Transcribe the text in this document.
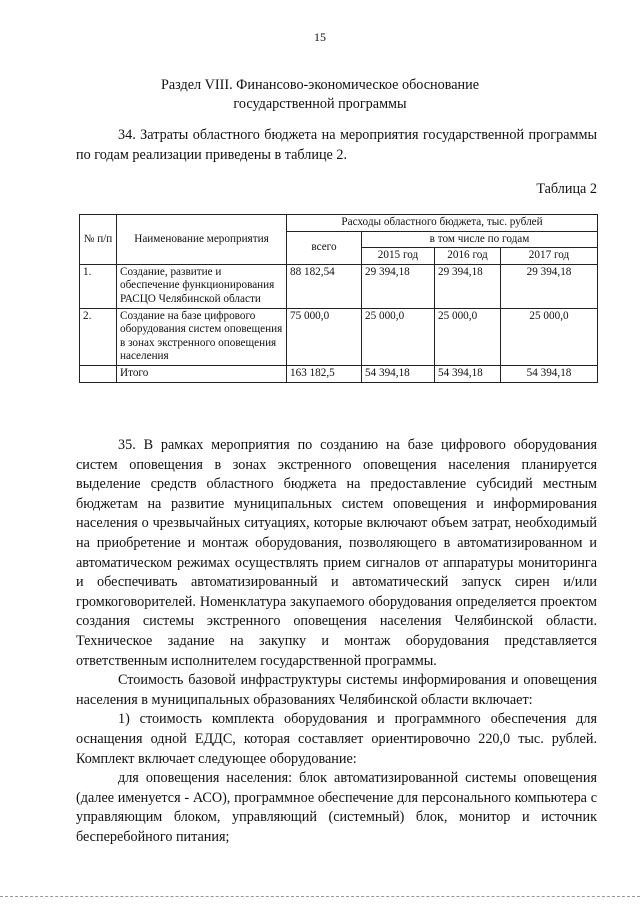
15
Раздел VIII. Финансово-экономическое обоснование
государственной программы

34. Затраты областного бюджета на мероприятия государственной программы по годам реализации приведены в таблице 2.

Таблица 2
№ п/п	Наименование мероприятия	Расходы областного бюджета, тыс. рублей			
		всего	в том числе по годам		
			2015 год	2016 год	2017 год
1.	Создание, развитие и обеспечение функционирования РАСЦО Челябинской области	88 182,54	29 394,18	29 394,18	29 394,18
2.	Создание на базе цифрового оборудования систем оповещения в зонах экстренного оповещения населения	75 000,0	25 000,0	25 000,0	25 000,0
	Итого	163 182,5	54 394,18	54 394,18	54 394,18

35. В рамках мероприятия по созданию на базе цифрового оборудования систем оповещения в зонах экстренного оповещения населения планируется выделение средств областного бюджета на предоставление субсидий местным бюджетам на развитие муниципальных систем оповещения и информирования населения о чрезвычайных ситуациях, которые включают объем затрат, необходимый на приобретение и монтаж оборудования, позволяющего в автоматизированном и автоматическом режимах осуществлять прием сигналов от аппаратуры мониторинга и обеспечивать автоматизированный и автоматический запуск сирен и/или громкоговорителей. Номенклатура закупаемого оборудования определяется проектом создания системы экстренного оповещения населения Челябинской области. Техническое задание на закупку и монтаж оборудования представляется ответственным исполнителем государственной программы.

Стоимость базовой инфраструктуры системы информирования и оповещения населения в муниципальных образованиях Челябинской области включает:

1) стоимость комплекта оборудования и программного обеспечения для оснащения одной ЕДДС, которая составляет ориентировочно 220,0 тыс. рублей. Комплект включает следующее оборудование:

для оповещения населения: блок автоматизированной системы оповещения (далее именуется - АСО), программное обеспечение для персонального компьютера с управляющим блоком, управляющий (системный) блок, монитор и источник бесперебойного питания;
